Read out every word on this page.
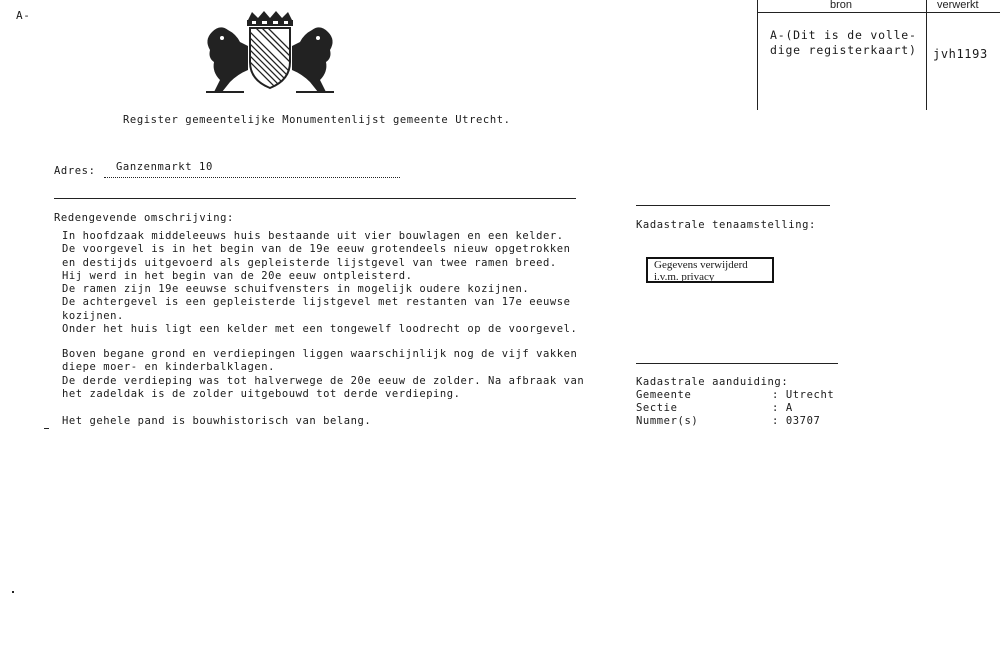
A-
bron	verwerkt
A-(Dit is de volle-
dige registerkaart) jvh1193
Register gemeentelijke Monumentenlijst gemeente Utrecht.
Adres: Ganzenmarkt 10
Redengevende omschrijving:
In hoofdzaak middeleeuws huis bestaande uit vier bouwlagen en een kelder.
De voorgevel is in het begin van de 19e eeuw grotendeels nieuw opgetrokken
en destijds uitgevoerd als gepleisterde lijstgevel van twee ramen breed.
Hij werd in het begin van de 20e eeuw ontpleisterd.
De ramen zijn 19e eeuwse schuifvensters in mogelijk oudere kozijnen.
De achtergevel is een gepleisterde lijstgevel met restanten van 17e eeuwse
kozijnen.
Onder het huis ligt een kelder met een tongewelf loodrecht op de voorgevel.
Boven begane grond en verdiepingen liggen waarschijnlijk nog de vijf vakken
diepe moer- en kinderbalklagen.
De derde verdieping was tot halverwege de 20e eeuw de zolder. Na afbraak van
het zadeldak is de zolder uitgebouwd tot derde verdieping.
Het gehele pand is bouwhistorisch van belang.
Kadastrale tenaamstelling:
Gegevens verwijderd i.v.m. privacy
Kadastrale aanduiding:
Gemeente	: Utrecht
Sectie	: A
Nummer(s)	: 03707
